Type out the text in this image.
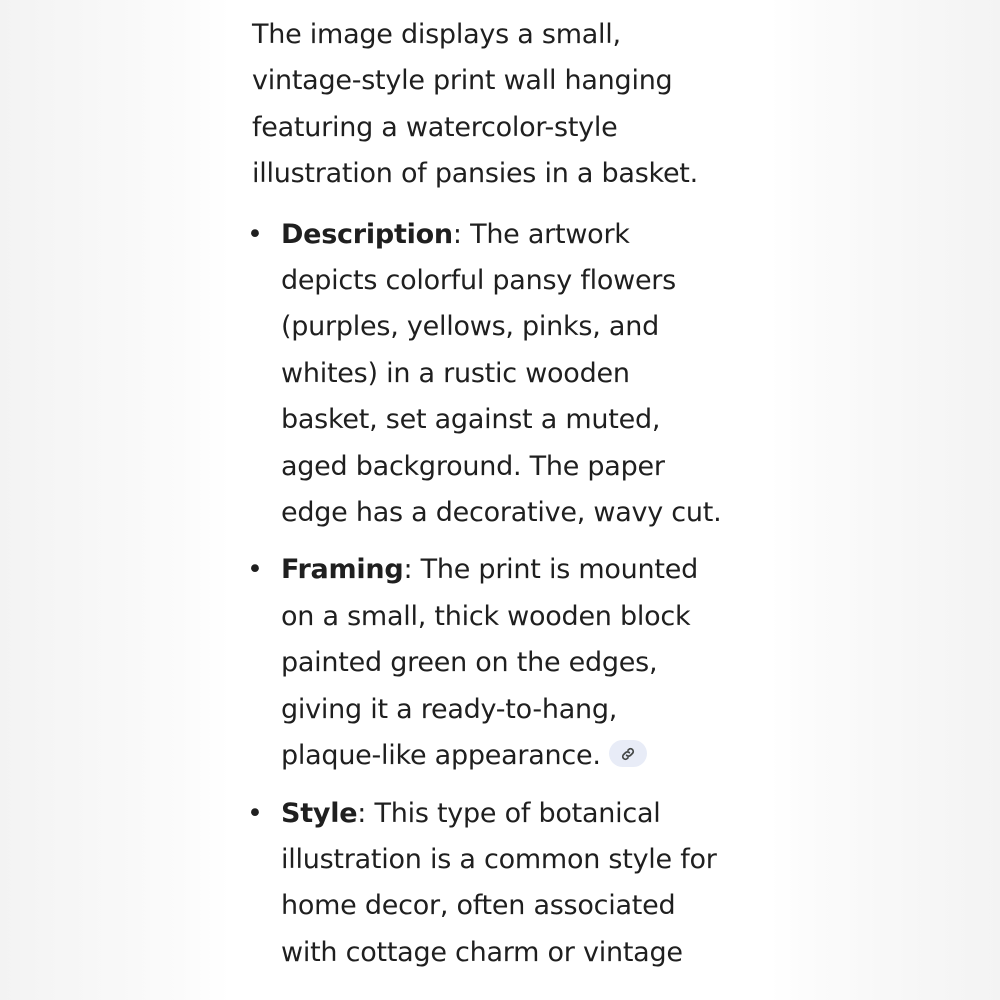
The image displays a small,
vintage-style print wall hanging
featuring a watercolor-style
illustration of pansies in a basket.

• Description: The artwork
depicts colorful pansy flowers
(purples, yellows, pinks, and
whites) in a rustic wooden
basket, set against a muted,
aged background. The paper
edge has a decorative, wavy cut.
• Framing: The print is mounted
on a small, thick wooden block
painted green on the edges,
giving it a ready-to-hang,
plaque-like appearance.
• Style: This type of botanical
illustration is a common style for
home decor, often associated
with cottage charm or vintage
